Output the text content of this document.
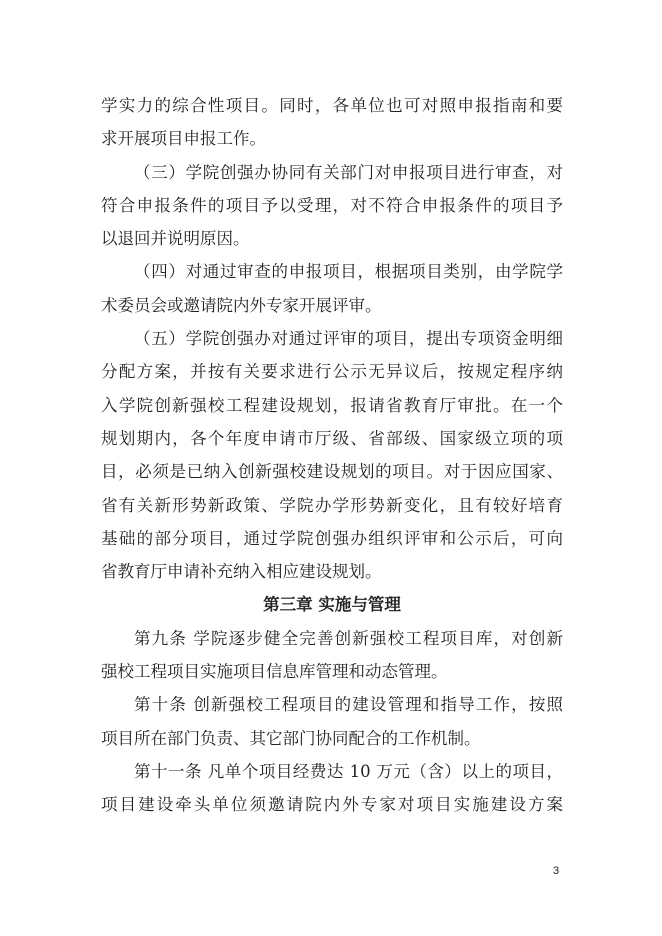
学实力的综合性项目。同时，各单位也可对照申报指南和要
求开展项目申报工作。
（三）学院创强办协同有关部门对申报项目进行审查，对
符合申报条件的项目予以受理，对不符合申报条件的项目予
以退回并说明原因。
（四）对通过审查的申报项目，根据项目类别，由学院学
术委员会或邀请院内外专家开展评审。
（五）学院创强办对通过评审的项目，提出专项资金明细
分配方案，并按有关要求进行公示无异议后，按规定程序纳
入学院创新强校工程建设规划，报请省教育厅审批。在一个
规划期内，各个年度申请市厅级、省部级、国家级立项的项
目，必须是已纳入创新强校建设规划的项目。对于因应国家、
省有关新形势新政策、学院办学形势新变化，且有较好培育
基础的部分项目，通过学院创强办组织评审和公示后，可向
省教育厅申请补充纳入相应建设规划。
第三章 实施与管理
第九条 学院逐步健全完善创新强校工程项目库，对创新
强校工程项目实施项目信息库管理和动态管理。
第十条 创新强校工程项目的建设管理和指导工作，按照
项目所在部门负责、其它部门协同配合的工作机制。
第十一条 凡单个项目经费达 10 万元（含）以上的项目，
项目建设牵头单位须邀请院内外专家对项目实施建设方案
3
